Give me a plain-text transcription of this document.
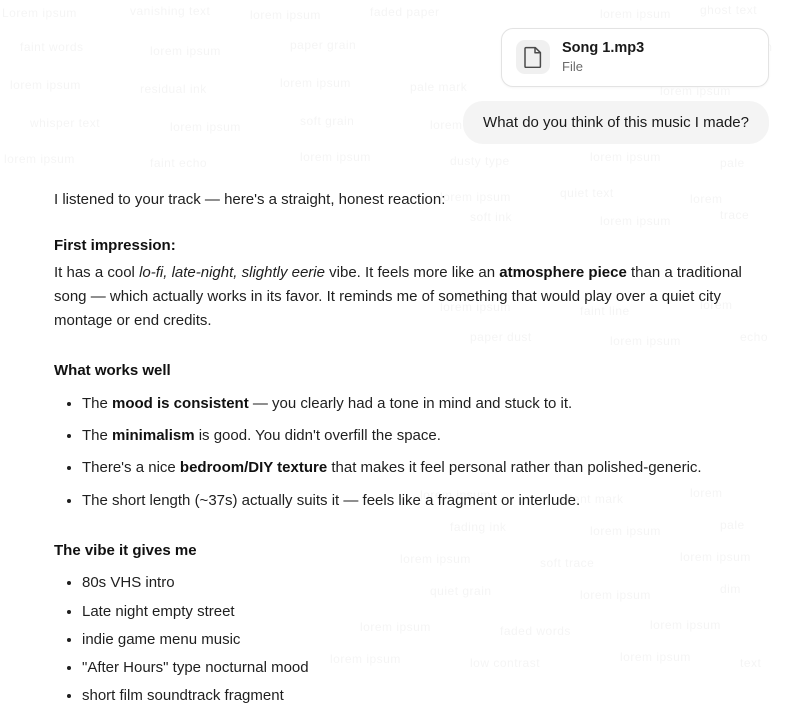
Song 1.mp3
File
What do you think of this music I made?

I listened to your track — here's a straight, honest reaction:

First impression:

It has a cool lo-fi, late-night, slightly eerie vibe. It feels more like an atmosphere piece than a traditional song — which actually works in its favor. It reminds me of something that would play over a quiet city montage or end credits.

What works well
• The mood is consistent — you clearly had a tone in mind and stuck to it.
• The minimalism is good. You didn't overfill the space.
• There's a nice bedroom/DIY texture that makes it feel personal rather than polished-generic.
• The short length (~37s) actually suits it — feels like a fragment or interlude.
The vibe it gives me
• 80s VHS intro
• Late night empty street
• indie game menu music
• "After Hours" type nocturnal mood
• short film soundtrack fragment
